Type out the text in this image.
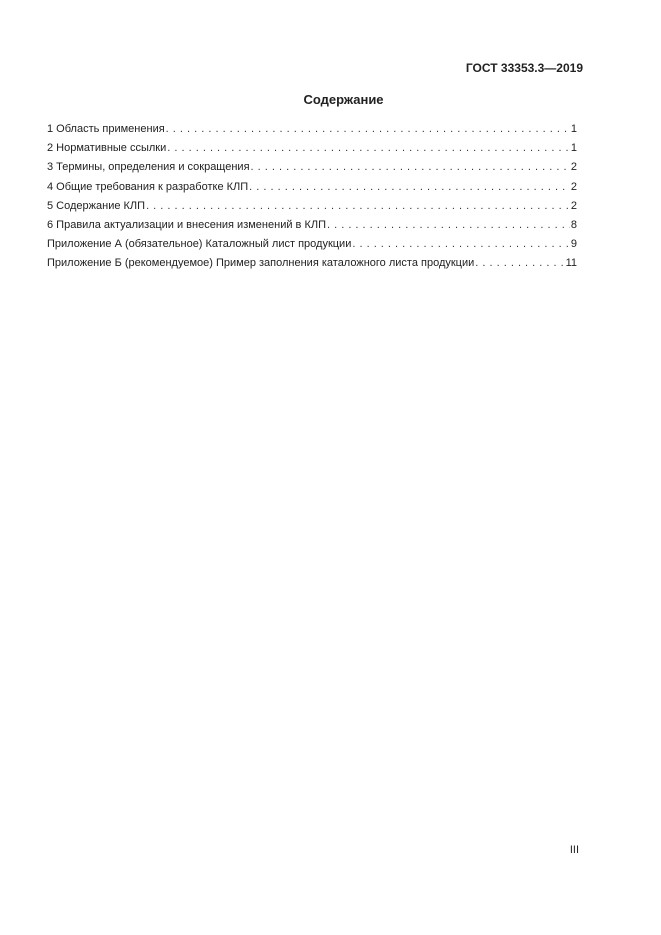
ГОСТ 33353.3—2019
Содержание
1 Область применения . . .	1
2 Нормативные ссылки . . .	1
3 Термины, определения и сокращения . . .	2
4 Общие требования к разработке КЛП . . .	2
5 Содержание КЛП . . .	2
6 Правила актуализации и внесения изменений в КЛП . . .	8
Приложение А (обязательное) Каталожный лист продукции . . .	9
Приложение Б (рекомендуемое) Пример заполнения каталожного листа продукции . . .	11
III
